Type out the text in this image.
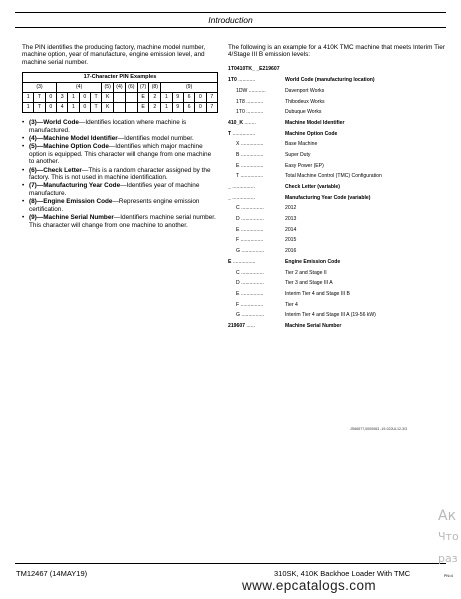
Introduction
The PIN identifies the producing factory, machine model number, machine option, year of manufacture, engine emission level, and machine serial number.
17-Character PIN Examples																
(3)			(4)				(5)	(4)	(6)	(7)	(8)	(9)				
1	T	0	3	1	0	T	K			E	2	1	9	6	0	7
1	T	0	4	1	0	T	K			E	2	1	9	6	0	7
• (3)—World Code—Identifies location where machine is manufactured.
• (4)—Machine Model Identifier—Identifies model number.
• (5)—Machine Option Code—Identifies which major machine option is equipped. This character will change from one machine to another.
• (6)—Check Letter—This is a random character assigned by the factory. This is not used in machine identification.
• (7)—Manufacturing Year Code—Identifies year of machine manufacture.
• (8)—Engine Emission Code—Represents engine emission certification.
• (9)—Machine Serial Number—Identifiers machine serial number. This character will change from one machine to another.
The following is an example for a 410K TMC machine that meets Interim Tier 4/Stage III B emission levels:
1T0410TK_ _E219607
1T0 ............	World Code (manufacturing location)
1DW ............	Davenport Works
1T8 ............	Thibodeux Works
1T0 ............	Dubuque Works
410_K ........	Machine Model Identifier
T ................	Machine Option Code
X ................	Base Machine
B ................	Super Duty
E ................	Easy Power (EP)
T ................	Total Machine Control (TMC) Configuration
_ ................	Check Letter (variable)
_ ................	Manufacturing Year Code (variable)
C ................	2012
D ................	2013
E ................	2014
F ................	2015
G ................	2016
E ................	Engine Emission Code
C ................	Tier 2 and Stage II
D ................	Tier 3 and Stage III A
E ................	Interim Tier 4 and Stage III B
F ................	Tier 4
G ................	Interim Tier 4 and Stage III A (19-56 kW)
219607 ......	Machine Serial Number
JS66577,0000063 -19-02JUL12-3/3
TM12467 (14MAY19)	310SK, 410K Backhoe Loader With TMC	PN=4
www.epcatalogs.com
Ак
Что
раз
